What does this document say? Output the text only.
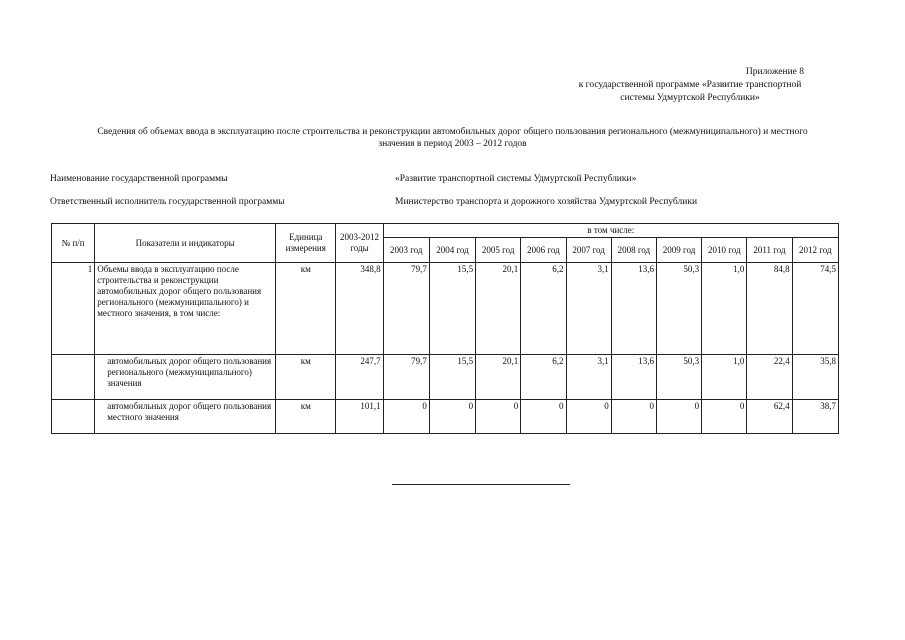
Приложение 8
к государственной программе «Развитие транспортной
системы Удмуртской Республики»
Сведения об объемах ввода в эксплуатацию после строительства и реконструкции автомобильных дорог общего пользования регионального (межмуниципального) и местного
значения в период 2003 – 2012 годов
Наименование государственной программы	«Развитие транспортной системы Удмуртской Республики»
Ответственный исполнитель государственной программы	Министерство транспорта и дорожного хозяйства Удмуртской Республики
№ п/п	Показатели и индикаторы	Единица измерения	2003-2012 годы	в том числе:									
				2003 год	2004 год	2005 год	2006 год	2007 год	2008 год	2009 год	2010 год	2011 год	2012 год
1	Объемы ввода в эксплуатацию после строительства и реконструкции автомобильных дорог общего пользования регионального (межмуниципального) и местного значения, в том числе:	км	348,8	79,7	15,5	20,1	6,2	3,1	13,6	50,3	1,0	84,8	74,5
	автомобильных дорог общего пользования регионального (межмуниципального) значения	км	247,7	79,7	15,5	20,1	6,2	3,1	13,6	50,3	1,0	22,4	35,8
	автомобильных дорог общего пользования местного значения	км	101,1	0	0	0	0	0	0	0	0	62,4	38,7
